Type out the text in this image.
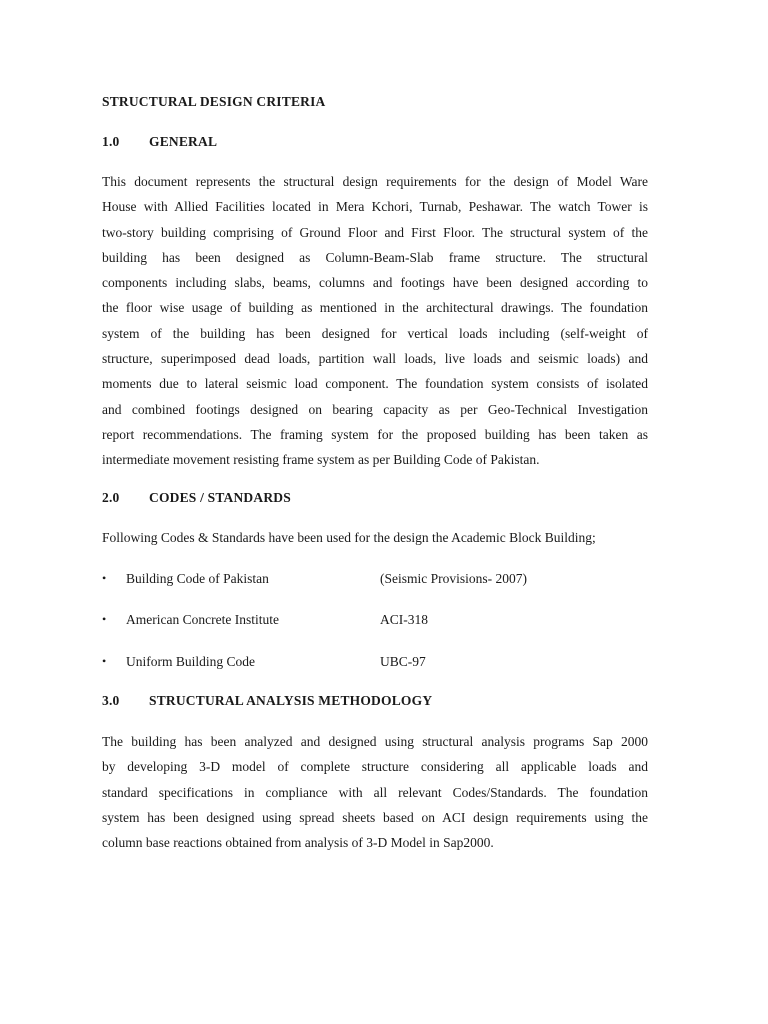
STRUCTURAL DESIGN CRITERIA
1.0 GENERAL
This document represents the structural design requirements for the design of Model Ware
House with Allied Facilities located in Mera Kchori, Turnab, Peshawar. The watch Tower is
two-story building comprising of Ground Floor and First Floor. The structural system of the
building has been designed as Column-Beam-Slab frame structure. The structural
components including slabs, beams, columns and footings have been designed according to
the floor wise usage of building as mentioned in the architectural drawings. The foundation
system of the building has been designed for vertical loads including (self-weight of
structure, superimposed dead loads, partition wall loads, live loads and seismic loads) and
moments due to lateral seismic load component. The foundation system consists of isolated
and combined footings designed on bearing capacity as per Geo-Technical Investigation
report recommendations. The framing system for the proposed building has been taken as
intermediate movement resisting frame system as per Building Code of Pakistan.
2.0 CODES / STANDARDS
Following Codes & Standards have been used for the design the Academic Block Building;
• Building Code of Pakistan	(Seismic Provisions- 2007)
• American Concrete Institute	ACI-318
• Uniform Building Code	UBC-97
3.0 STRUCTURAL ANALYSIS METHODOLOGY
The building has been analyzed and designed using structural analysis programs Sap 2000
by developing 3-D model of complete structure considering all applicable loads and
standard specifications in compliance with all relevant Codes/Standards. The foundation
system has been designed using spread sheets based on ACI design requirements using the
column base reactions obtained from analysis of 3-D Model in Sap2000.
